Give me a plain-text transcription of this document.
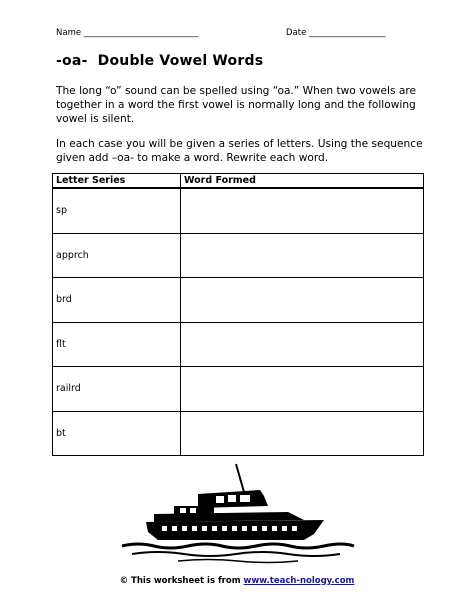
Name ___________________________	Date __________________
-oa-  Double Vowel Words

The long “o” sound can be spelled using “oa.” When two vowels are together in a word the first vowel is normally long and the following vowel is silent.

In each case you will be given a series of letters. Using the sequence given add –oa- to make a word. Rewrite each word.

Letter Series	Word Formed
sp	
apprch	
brd	
flt	
railrd	
bt	
© This worksheet is from www.teach-nology.com
